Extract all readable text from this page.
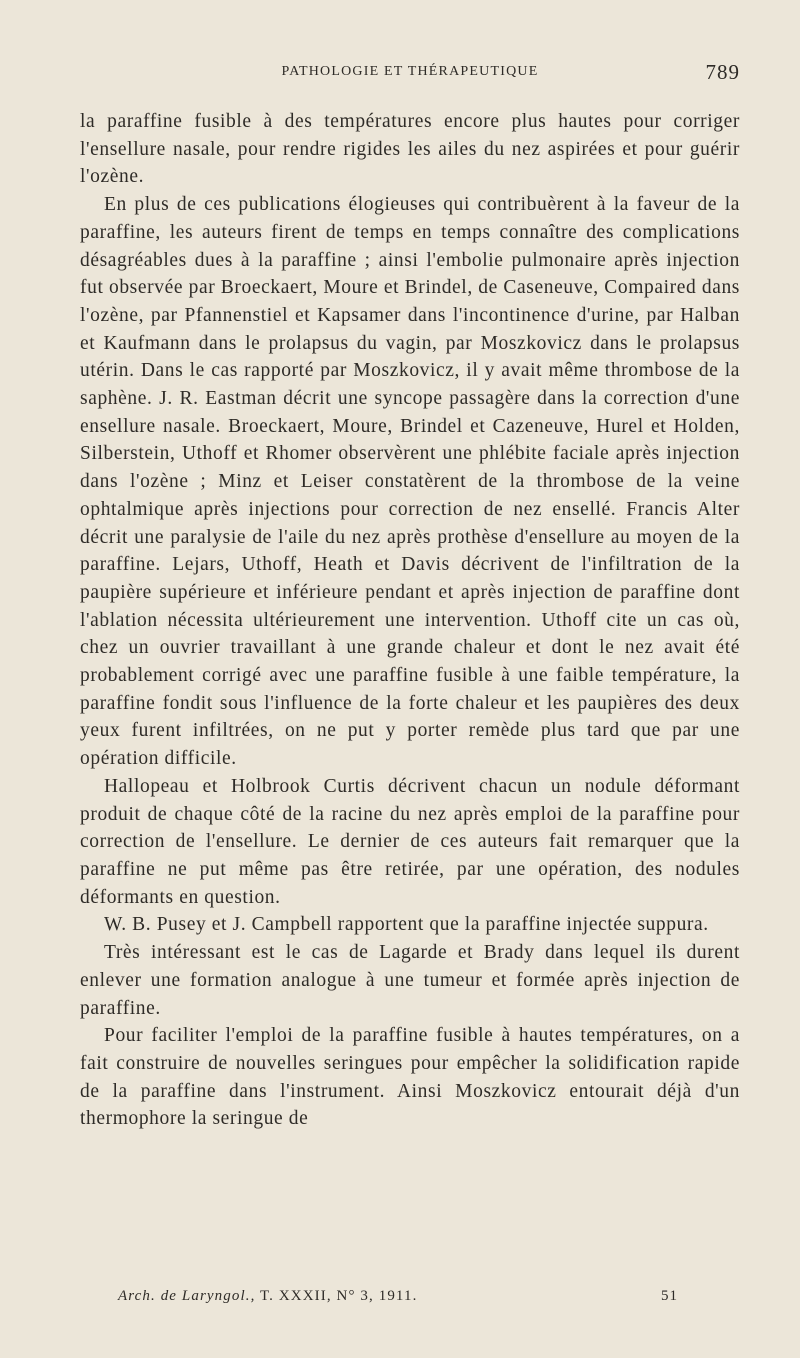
PATHOLOGIE ET THÉRAPEUTIQUE	789

la paraffine fusible à des températures encore plus hautes pour corriger l'ensellure nasale, pour rendre rigides les ailes du nez aspirées et pour guérir l'ozène.

En plus de ces publications élogieuses qui contribuèrent à la faveur de la paraffine, les auteurs firent de temps en temps connaître des complications désagréables dues à la paraffine ; ainsi l'embolie pulmonaire après injection fut observée par Broeckaert, Moure et Brindel, de Caseneuve, Compaired dans l'ozène, par Pfannenstiel et Kapsamer dans l'incontinence d'urine, par Halban et Kaufmann dans le prolapsus du vagin, par Moszkovicz dans le prolapsus utérin. Dans le cas rapporté par Moszkovicz, il y avait même thrombose de la saphène. J. R. Eastman décrit une syncope passagère dans la correction d'une ensellure nasale. Broeckaert, Moure, Brindel et Cazeneuve, Hurel et Holden, Silberstein, Uthoff et Rhomer observèrent une phlébite faciale après injection dans l'ozène ; Minz et Leiser constatèrent de la thrombose de la veine ophtalmique après injections pour correction de nez ensellé. Francis Alter décrit une paralysie de l'aile du nez après prothèse d'ensellure au moyen de la paraffine. Lejars, Uthoff, Heath et Davis décrivent de l'infiltration de la paupière supérieure et inférieure pendant et après injection de paraffine dont l'ablation nécessita ultérieurement une intervention. Uthoff cite un cas où, chez un ouvrier travaillant à une grande chaleur et dont le nez avait été probablement corrigé avec une paraffine fusible à une faible température, la paraffine fondit sous l'influence de la forte chaleur et les paupières des deux yeux furent infiltrées, on ne put y porter remède plus tard que par une opération difficile.

Hallopeau et Holbrook Curtis décrivent chacun un nodule déformant produit de chaque côté de la racine du nez après emploi de la paraffine pour correction de l'ensellure. Le dernier de ces auteurs fait remarquer que la paraffine ne put même pas être retirée, par une opération, des nodules déformants en question.

W. B. Pusey et J. Campbell rapportent que la paraffine injectée suppura.

Très intéressant est le cas de Lagarde et Brady dans lequel ils durent enlever une formation analogue à une tumeur et formée après injection de paraffine.

Pour faciliter l'emploi de la paraffine fusible à hautes températures, on a fait construire de nouvelles seringues pour empêcher la solidification rapide de la paraffine dans l'instrument. Ainsi Moszkovicz entourait déjà d'un thermophore la seringue de

Arch. de Laryngol., T. XXXII, N° 3, 1911.	51
